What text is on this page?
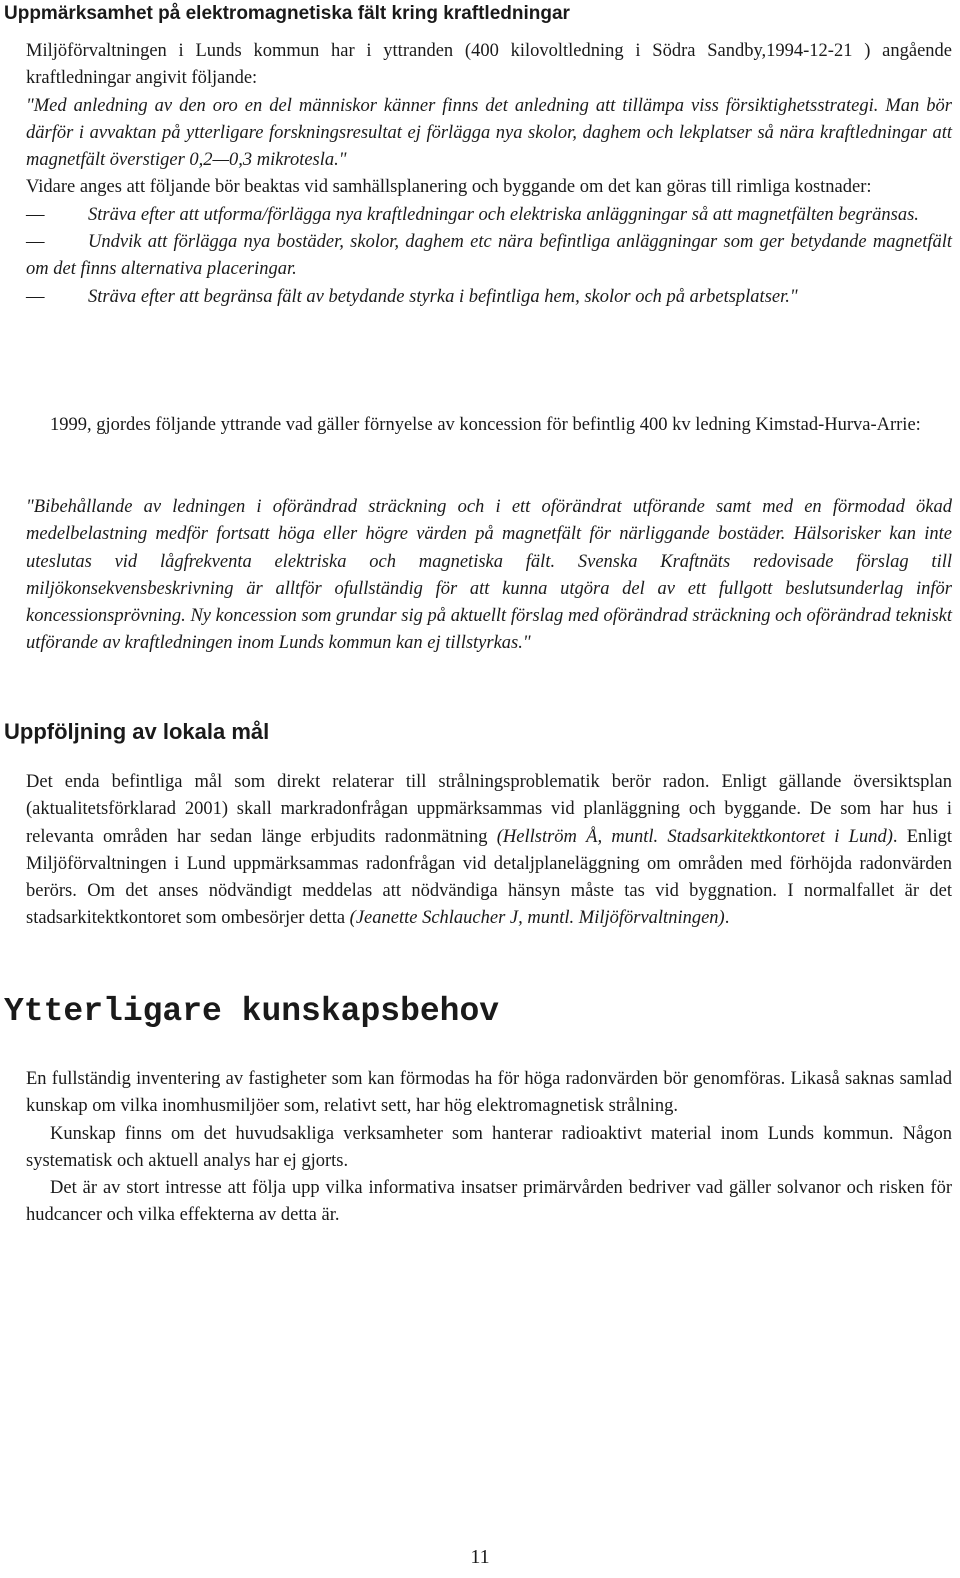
Uppmärksamhet på elektromagnetiska fält kring kraftledningar

Miljöförvaltningen i Lunds kommun har i yttranden (400 kilovoltledning i Södra Sandby,1994-12-21 ) angående kraftledningar angivit följande:

"Med anledning av den oro en del människor känner finns det anledning att tillämpa viss försiktighetsstrategi. Man bör därför i avvaktan på ytterligare forskningsresultat ej förlägga nya skolor, daghem och lekplatser så nära kraftledningar att magnetfält överstiger 0,2—0,3 mikrotesla."

Vidare anges att följande bör beaktas vid samhällsplanering och byggande om det kan göras till rimliga kostnader:

— Sträva efter att utforma/förlägga nya kraftledningar och elektriska anläggningar så att magnetfälten begränsas.

— Undvik att förlägga nya bostäder, skolor, daghem etc nära befintliga anläggningar som ger betydande magnetfält om det finns alternativa placeringar.

— Sträva efter att begränsa fält av betydande styrka i befintliga hem, skolor och på arbetsplatser."

1999, gjordes följande yttrande vad gäller förnyelse av koncession för befintlig 400 kv ledning Kimstad-Hurva-Arrie:

"Bibehållande av ledningen i oförändrad sträckning och i ett oförändrat utförande samt med en förmodad ökad medelbelastning medför fortsatt höga eller högre värden på magnetfält för närliggande bostäder. Hälsorisker kan inte uteslutas vid lågfrekventa elektriska och magnetiska fält. Svenska Kraftnäts redovisade förslag till miljökonsekvensbeskrivning är alltför ofullständig för att kunna utgöra del av ett fullgott beslutsunderlag inför koncessionsprövning. Ny koncession som grundar sig på aktuellt förslag med oförändrad sträckning och oförändrad tekniskt utförande av kraftledningen inom Lunds kommun kan ej tillstyrkas."

Uppföljning av lokala mål

Det enda befintliga mål som direkt relaterar till strålningsproblematik berör radon. Enligt gällande översiktsplan (aktualitetsförklarad 2001) skall markradonfrågan uppmärksammas vid planläggning och byggande. De som har hus i relevanta områden har sedan länge erbjudits radonmätning (Hellström Å, muntl. Stadsarkitektkontoret i Lund). Enligt Miljöförvaltningen i Lund uppmärksammas radonfrågan vid detaljplaneläggning om områden med förhöjda radonvärden berörs. Om det anses nödvändigt meddelas att nödvändiga hänsyn måste tas vid byggnation. I normalfallet är det stadsarkitektkontoret som ombesörjer detta (Jeanette Schlaucher J, muntl. Miljöförvaltningen).

Ytterligare kunskapsbehov

En fullständig inventering av fastigheter som kan förmodas ha för höga radonvärden bör genomföras. Likaså saknas samlad kunskap om vilka inomhusmiljöer som, relativt sett, har hög elektromagnetisk strålning.

Kunskap finns om det huvudsakliga verksamheter som hanterar radioaktivt material inom Lunds kommun. Någon systematisk och aktuell analys har ej gjorts.

Det är av stort intresse att följa upp vilka informativa insatser primärvården bedriver vad gäller solvanor och risken för hudcancer och vilka effekterna av detta är.

11
